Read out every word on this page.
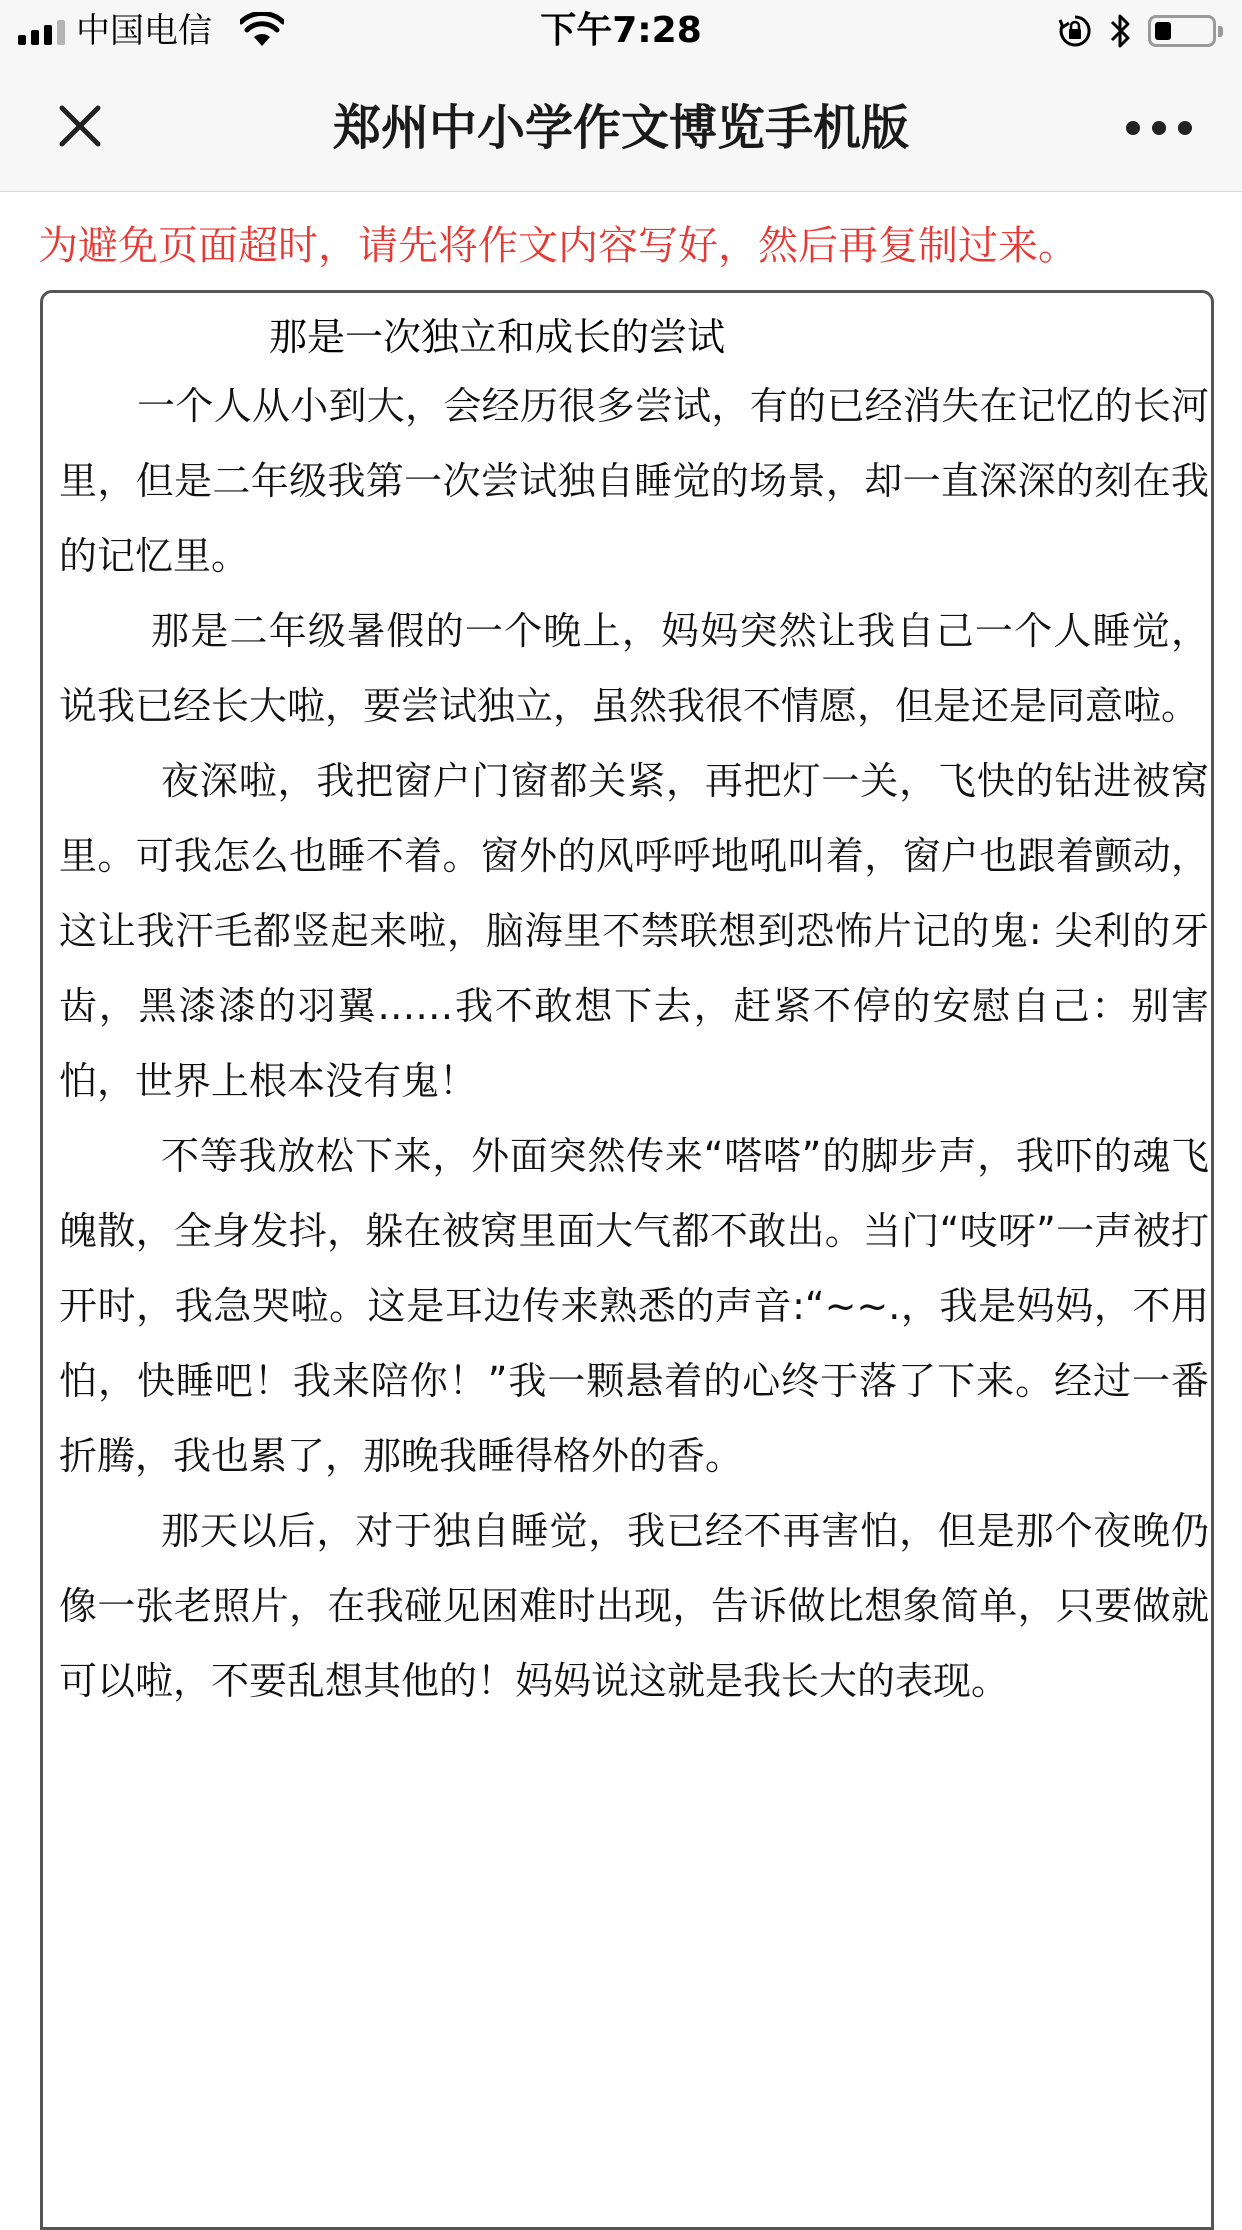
中国电信	下午7:28
郑州中小学作文博览手机版
为避免页面超时，请先将作文内容写好，然后再复制过来。
那是一次独立和成长的尝试

一个人从小到大，会经历很多尝试，有的已经消失在记忆的长河里，但是二年级我第一次尝试独自睡觉的场景，却一直深深的刻在我的记忆里。

那是二年级暑假的一个晚上，妈妈突然让我自己一个人睡觉，说我已经长大啦，要尝试独立，虽然我很不情愿，但是还是同意啦。

夜深啦，我把窗户门窗都关紧，再把灯一关，飞快的钻进被窝里。可我怎么也睡不着。窗外的风呼呼地吼叫着，窗户也跟着颤动，这让我汗毛都竖起来啦，脑海里不禁联想到恐怖片记的鬼: 尖利的牙齿，黑漆漆的羽翼……我不敢想下去，赶紧不停的安慰自己：别害怕，世界上根本没有鬼！

不等我放松下来，外面突然传来“嗒嗒”的脚步声，我吓的魂飞魄散，全身发抖，躲在被窝里面大气都不敢出。当门“吱呀”一声被打开时，我急哭啦。这是耳边传来熟悉的声音:“~~.，我是妈妈，不用怕，快睡吧！我来陪你！”我一颗悬着的心终于落了下来。经过一番折腾，我也累了，那晚我睡得格外的香。

那天以后，对于独自睡觉，我已经不再害怕，但是那个夜晚仍像一张老照片，在我碰见困难时出现，告诉做比想象简单，只要做就可以啦，不要乱想其他的！妈妈说这就是我长大的表现。
